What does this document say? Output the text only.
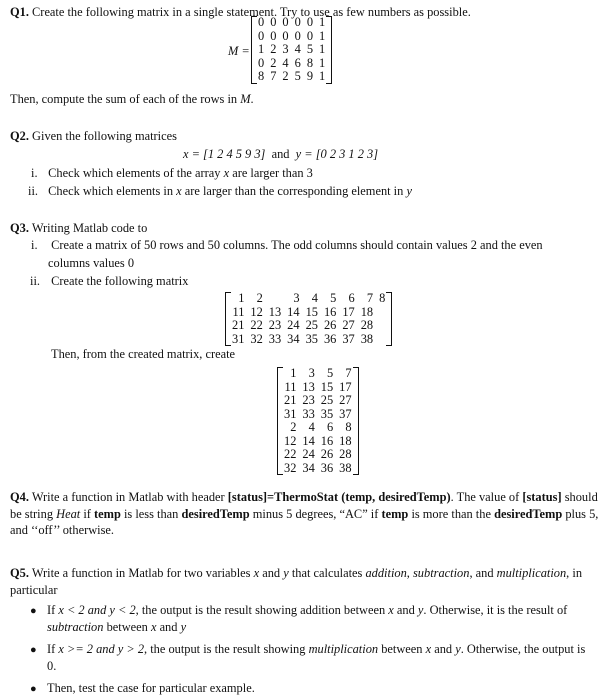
Q1. Create the following matrix in a single statement. Try to use as few numbers as possible.
M =
0	0	0	0	0	1
0	0	0	0	0	1
1	2	3	4	5	1
0	2	4	6	8	1
8	7	2	5	9	1
Then, compute the sum of each of the rows in M.
Q2. Given the following matrices
x = [1 2 4 5 9 3] and y = [0 2 3 1 2 3]
i. Check which elements of the array x are larger than 3
ii. Check which elements in x are larger than the corresponding element in y
Q3. Writing Matlab code to
i. Create a matrix of 50 rows and 50 columns. The odd columns should contain values 2 and the even
columns values 0
ii. Create the following matrix
1	2		3	4	5	6	7	8
11	12	13	14	15	16	17	18	
21	22	23	24	25	26	27	28	
31	32	33	34	35	36	37	38	
Then, from the created matrix, create
1	3	5	7
11	13	15	17
21	23	25	27
31	33	35	37
2	4	6	8
12	14	16	18
22	24	26	28
32	34	36	38
Q4. Write a function in Matlab with header [status]=ThermoStat (temp, desiredTemp). The value of [status] should be string Heat if temp is less than desiredTemp minus 5 degrees, “AC” if temp is more than the desiredTemp plus 5, and ‘‘off’’ otherwise.
Q5. Write a function in Matlab for two variables x and y that calculates addition, subtraction, and multiplication, in particular
● If x < 2 and y < 2, the output is the result showing addition between x and y. Otherwise, it is the result of subtraction between x and y
● If x >= 2 and y > 2, the output is the result showing multiplication between x and y. Otherwise, the output is 0.
● Then, test the case for particular example.
